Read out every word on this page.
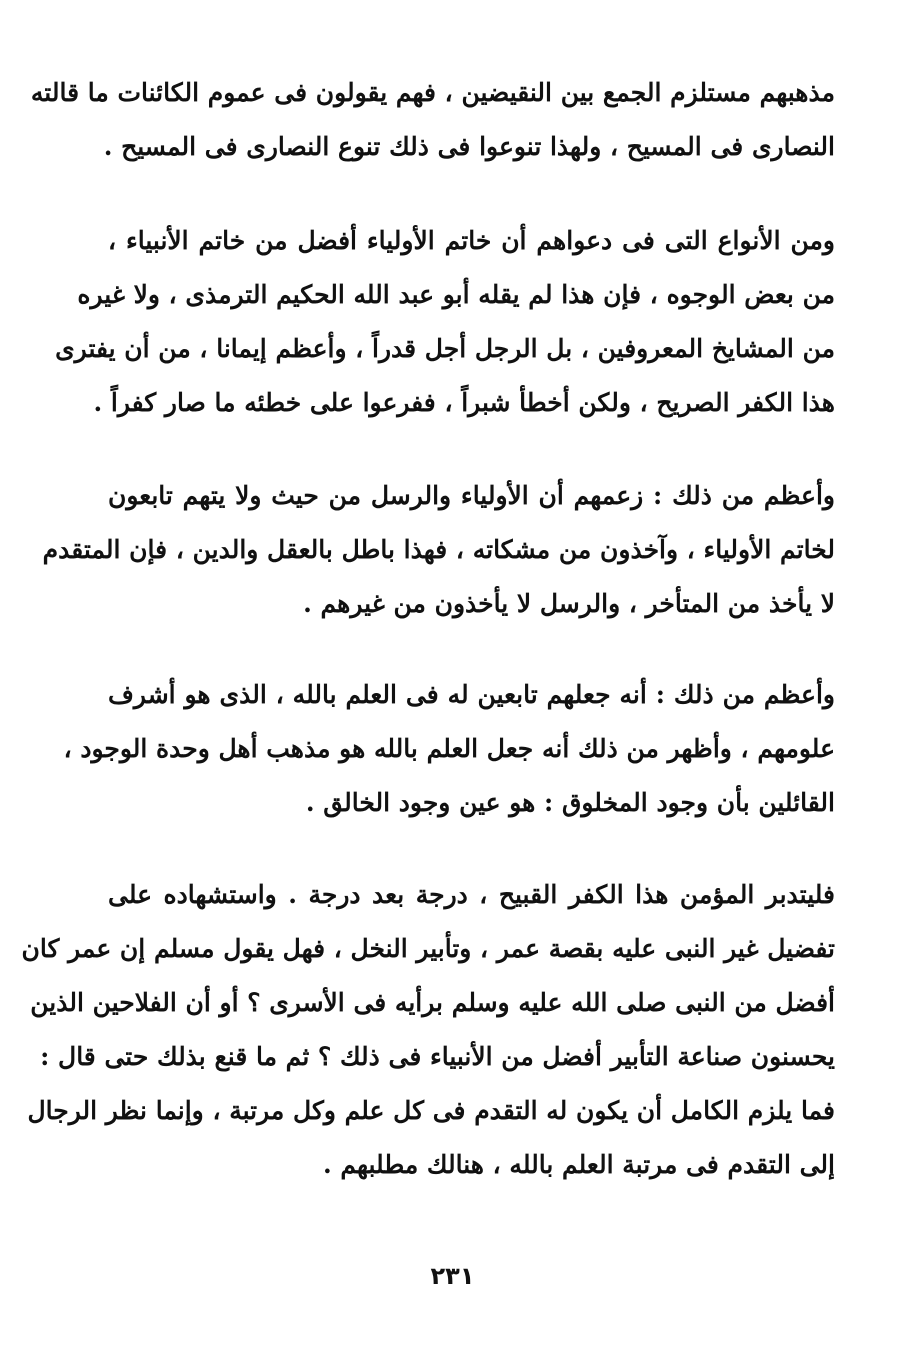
مذهبهم مستلزم الجمع بين النقيضين ، فهم يقولون فى عموم الكائنات ما قالته
النصارى فى المسيح ، ولهذا تنوعوا فى ذلك تنوع النصارى فى المسيح .
ومن الأنواع التى فى دعواهم أن خاتم الأولياء أفضل من خاتم الأنبياء ،
من بعض الوجوه ، فإن هذا لم يقله أبو عبد الله الحكيم الترمذى ، ولا غيره
من المشايخ المعروفين ، بل الرجل أجل قدراً ، وأعظم إيمانا ، من أن يفترى
هذا الكفر الصريح ، ولكن أخطأ شبراً ، ففرعوا على خطئه ما صار كفراً .
وأعظم من ذلك : زعمهم أن الأولياء والرسل من حيث ولا يتهم تابعون
لخاتم الأولياء ، وآخذون من مشكاته ، فهذا باطل بالعقل والدين ، فإن المتقدم
لا يأخذ من المتأخر ، والرسل لا يأخذون من غيرهم .
وأعظم من ذلك : أنه جعلهم تابعين له فى العلم بالله ، الذى هو أشرف
علومهم ، وأظهر من ذلك أنه جعل العلم بالله هو مذهب أهل وحدة الوجود ،
القائلين بأن وجود المخلوق : هو عين وجود الخالق .
فليتدبر المؤمن هذا الكفر القبيح ، درجة بعد درجة . واستشهاده على
تفضيل غير النبى عليه بقصة عمر ، وتأبير النخل ، فهل يقول مسلم إن عمر كان
أفضل من النبى صلى الله عليه وسلم برأيه فى الأسرى ؟ أو أن الفلاحين الذين
يحسنون صناعة التأبير أفضل من الأنبياء فى ذلك ؟ ثم ما قنع بذلك حتى قال :
فما يلزم الكامل أن يكون له التقدم فى كل علم وكل مرتبة ، وإنما نظر الرجال
إلى التقدم فى مرتبة العلم بالله ، هنالك مطلبهم .
٢٣١
